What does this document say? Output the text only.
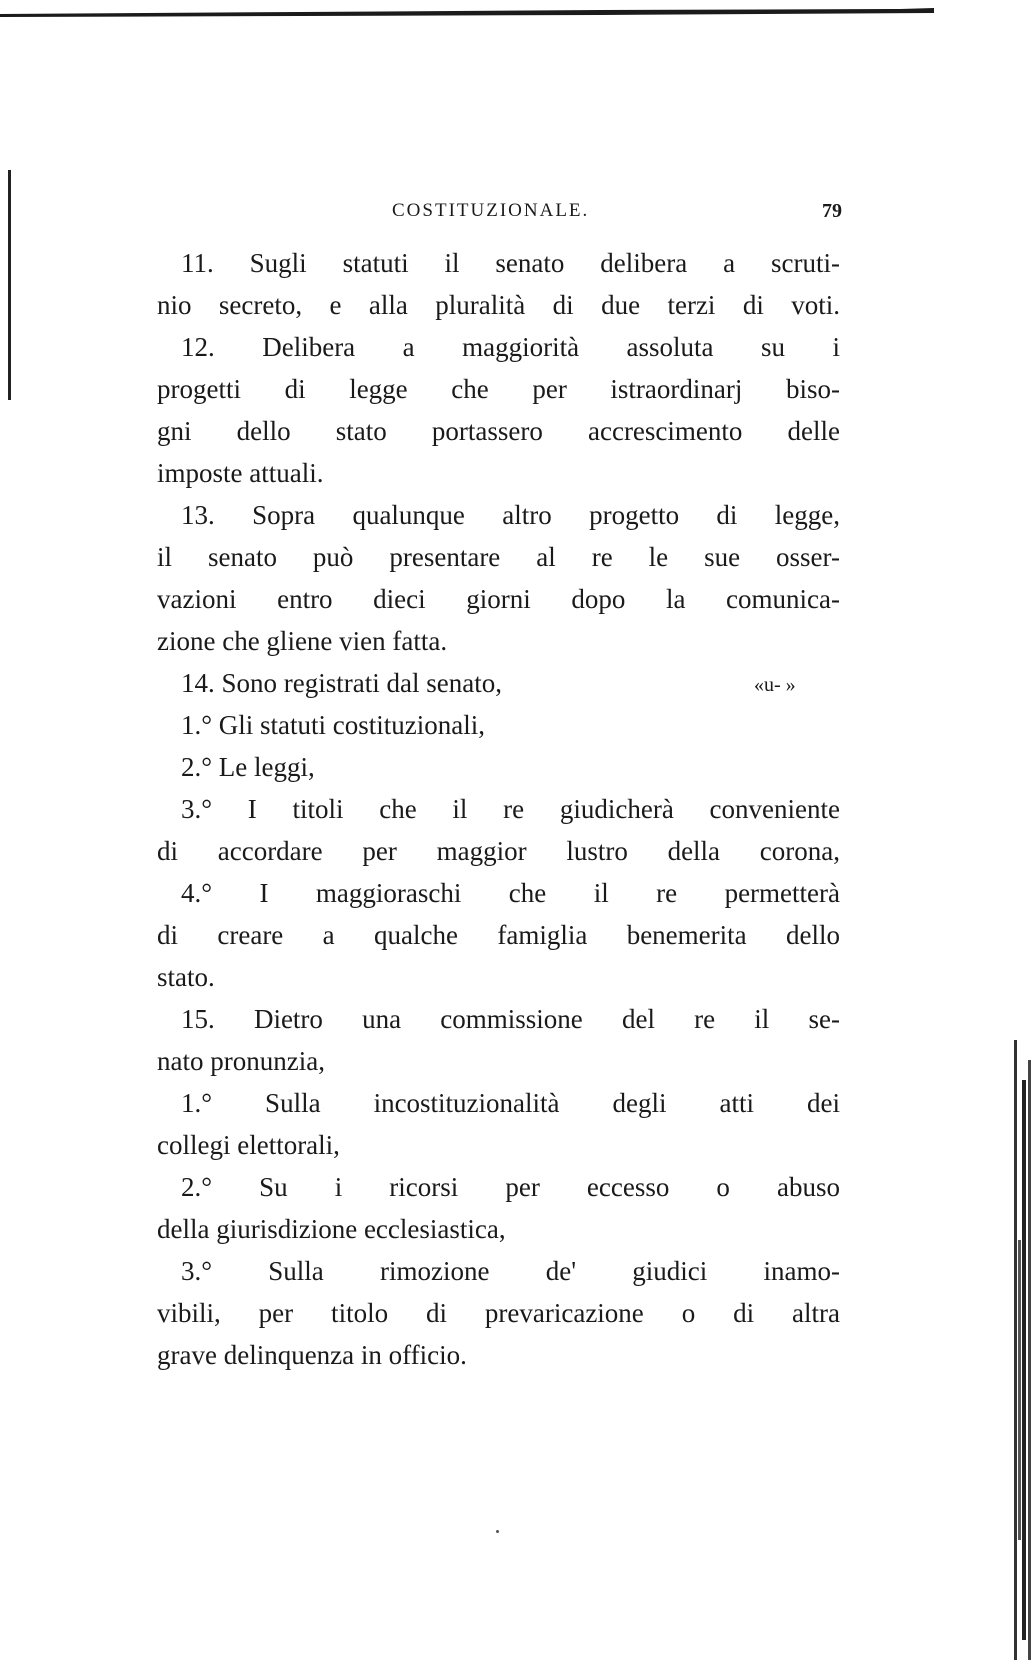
COSTITUZIONALE.	79
11. Sugli statuti il senato delibera a scruti-
nio secreto, e alla pluralità di due terzi di voti.
12. Delibera a maggiorità assoluta su i
progetti di legge che per istraordinarj biso-
gni dello stato portassero accrescimento delle
imposte attuali.
13. Sopra qualunque altro progetto di legge,
il senato può presentare al re le sue osser-
vazioni entro dieci giorni dopo la comunica-
zione che gliene vien fatta.
14. Sono registrati dal senato,	«u‑ »
1.° Gli statuti costituzionali,
2.° Le leggi,
3.° I titoli che il re giudicherà conveniente
di accordare per maggior lustro della corona,
4.° I maggioraschi che il re permetterà
di creare a qualche famiglia benemerita dello
stato.
15. Dietro una commissione del re il se-
nato pronunzia,
1.° Sulla incostituzionalità degli atti dei
collegi elettorali,
2.° Su i ricorsi per eccesso o abuso
della giurisdizione ecclesiastica,
3.° Sulla rimozione de' giudici inamo-
vibili, per titolo di prevaricazione o di altra
grave delinquenza in officio.
